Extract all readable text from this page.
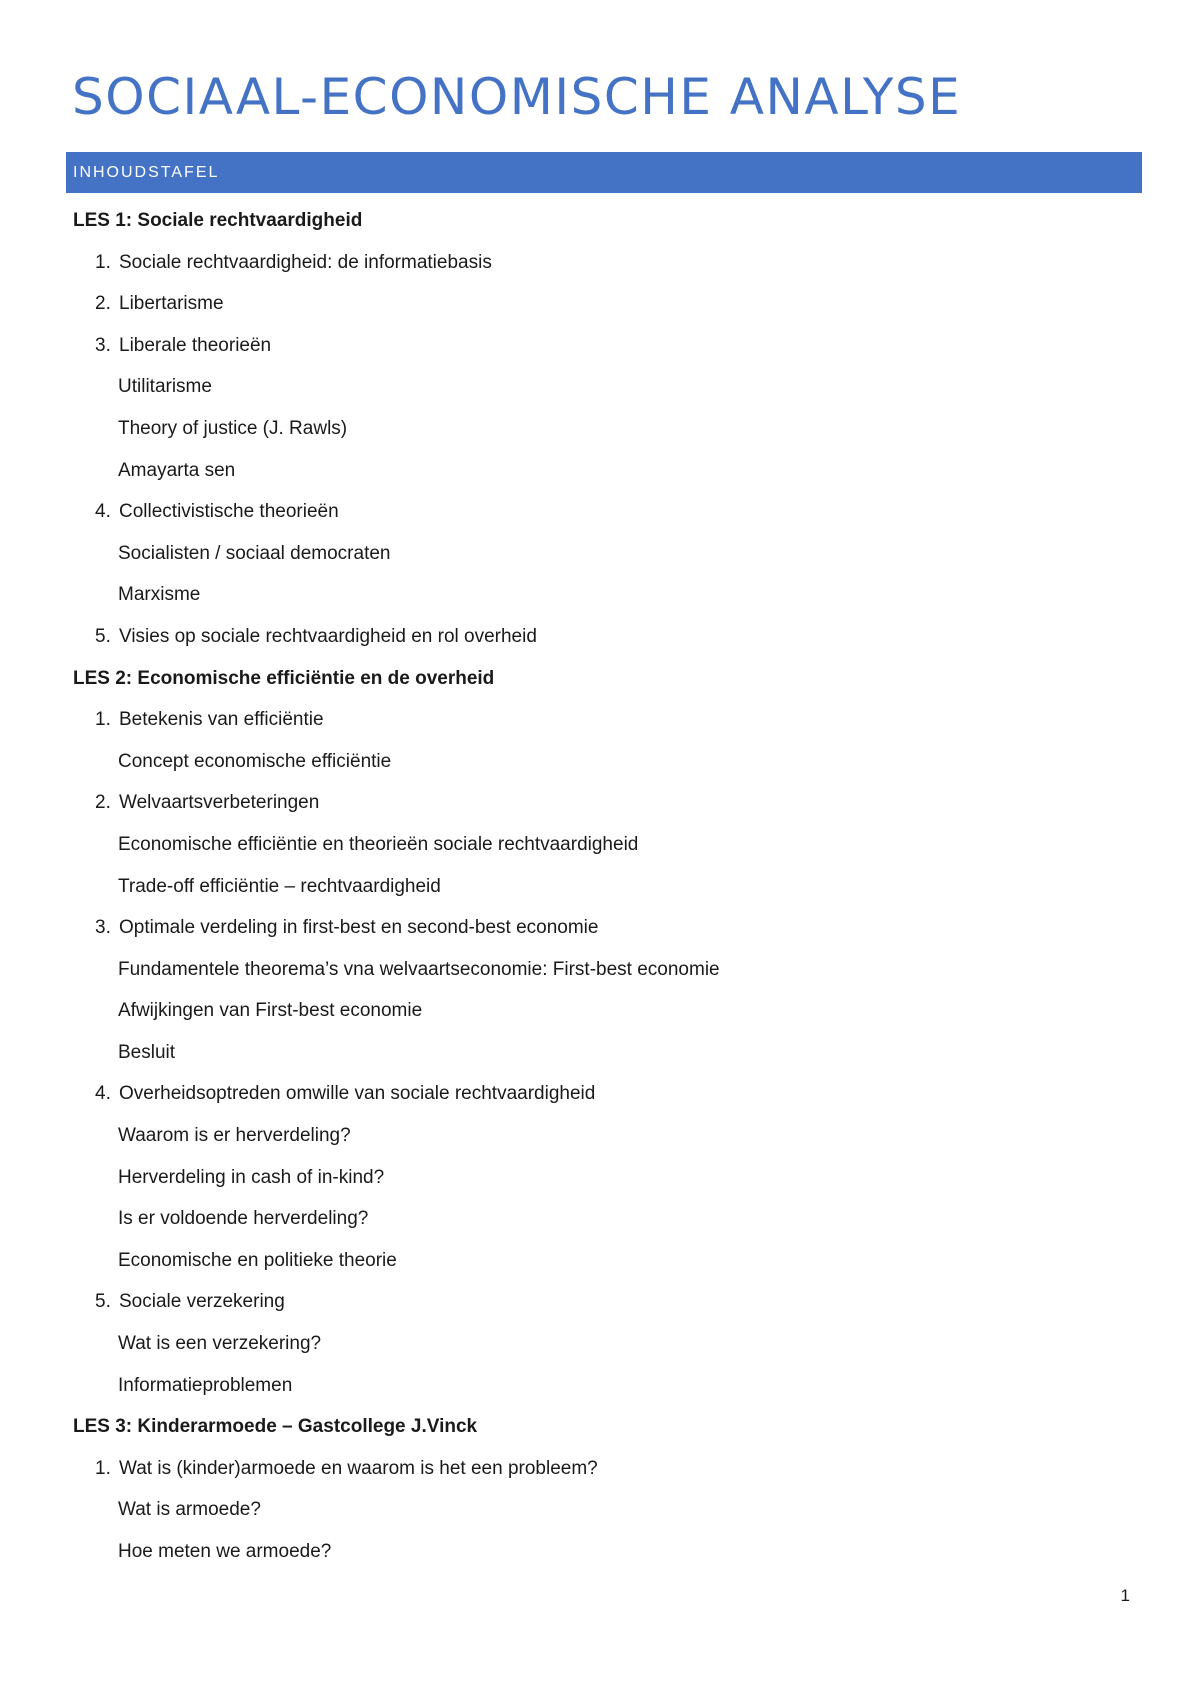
SOCIAAL-ECONOMISCHE ANALYSE
INHOUDSTAFEL
LES 1: Sociale rechtvaardigheid
1. Sociale rechtvaardigheid: de informatiebasis
2. Libertarisme
3. Liberale theorieën
Utilitarisme
Theory of justice (J. Rawls)
Amayarta sen
4. Collectivistische theorieën
Socialisten / sociaal democraten
Marxisme
5. Visies op sociale rechtvaardigheid en rol overheid
LES 2: Economische efficiëntie en de overheid
1. Betekenis van efficiëntie
Concept economische efficiëntie
2. Welvaartsverbeteringen
Economische efficiëntie en theorieën sociale rechtvaardigheid
Trade-off efficiëntie – rechtvaardigheid
3. Optimale verdeling in first-best en second-best economie
Fundamentele theorema’s vna welvaartseconomie: First-best economie
Afwijkingen van First-best economie
Besluit
4. Overheidsoptreden omwille van sociale rechtvaardigheid
Waarom is er herverdeling?
Herverdeling in cash of in-kind?
Is er voldoende herverdeling?
Economische en politieke theorie
5. Sociale verzekering
Wat is een verzekering?
Informatieproblemen
LES 3: Kinderarmoede – Gastcollege J.Vinck
1. Wat is (kinder)armoede en waarom is het een probleem?
Wat is armoede?
Hoe meten we armoede?
1
